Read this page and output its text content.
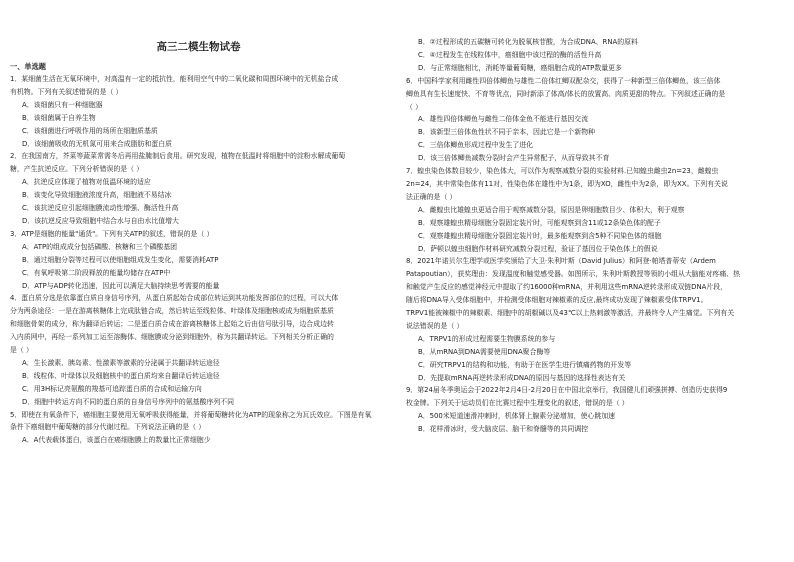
高三二模生物试卷
一、单选题
1．某细菌生活在无氧环境中，对高温有一定的抵抗性，能利用空气中的二氧化碳和周围环境中的无机盐合成
有机物。下列有关叙述错误的是（ ）
A．该细菌只有一种细胞器
B．该细菌属于自养生物
C．该细菌进行呼吸作用的场所在细胞质基质
D．该细菌吸收的无机氮可用来合成脂肪和蛋白质
2．在我国南方，芥菜等蔬菜常需冬后再用盐腌制后食用。研究发现，植物在低温时将细胞中的淀粉水解成葡萄
糖，产生抗逆反应。下列分析错误的是（ ）
A．抗逆反应体现了植物对低温环境的适应
B．该变化导致细胞液浓度升高，细胞液不易结冰
C．该抗逆反应引起细胞膜流动性增强、酶活性升高
D．该抗逆反应导致细胞中结合水与自由水比值增大
3．ATP是细胞的能量"通货"。下列有关ATP的叙述，错误的是（ ）
A．ATP的组成成分包括磷酸、核糖和三个磷酸基团
B．通过细胞分裂等过程可以使细胞组成发生变化，需要消耗ATP
C．有氧呼吸第二阶段释放的能量均储存在ATP中
D．ATP与ADP转化迅速，因此可以满足大脑持续思考需要的能量
4．蛋白质分选是依靠蛋白质自身信号序列，从蛋白质起始合成部位转运到其功能发挥部位的过程，可以大体
分为两条途径：一是在游离核糖体上完成肽链合成，然后转运至线粒体、叶绿体及细胞核或成为细胞质基质
和细胞骨架的成分，称为翻译后转运；二是蛋白质合成在游离核糖体上起始之后由信号肽引导，边合成边转
入内质网中，再经一系列加工运至溶酶体、细胞膜或分泌到细胞外，称为共翻译转运。下列相关分析正确的
是（ ）
A．生长激素、胰岛素、性激素等激素的分泌属于共翻译转运途径
B．线粒体、叶绿体以及细胞核中的蛋白质均来自翻译后转运途径
C．用3H标记亮氨酸的羧基可追踪蛋白质的合成和运输方向
D．细胞中转运方向不同的蛋白质的自身信号序列中的氨基酸序列不同
5．即使在有氧条件下，癌细胞主要使用无氧呼吸获得能量，并将葡萄糖转化为ATP的现象称之为瓦氏效应。下图是有氧
条件下癌细胞中葡萄糖的部分代谢过程。下列说法正确的是（ ）
A．A代表载体蛋白，该蛋白在癌细胞膜上的数量比正常细胞少
B．②过程形成的五碳糖可转化为脱氧核苷酸，为合成DNA、RNA的原料
C．④过程发生在线粒体中，癌细胞中该过程的酶的活性升高
D．与正常细胞相比，消耗等量葡萄糖，癌细胞合成的ATP数量更多
6．中国科学家利用雌性四倍体鲫鱼与雄性二倍体红鲫双配杂交，获得了一种新型三倍体鲫鱼，该三倍体
鲫鱼具有生长速度快、不育等优点，同时新添了体高/体长的放置高、肉质更甜的特点。下列叙述正确的是
（ ）
A．雄性四倍体鲫鱼与雌性二倍体金鱼不能进行基因交流
B．该新型三倍体鱼性状不同于亲本，因此它是一个新物种
C．三倍体鲫鱼形成过程中发生了进化
D．该三倍体鲫鱼减数分裂时会产生异常配子，从而导致其不育
7．蝗虫染色体数目较少，染色体大，可以作为观察减数分裂的实验材料.已知蝗虫雌虫2n=23，雌蝗虫
2n=24，其中常染色体有11对，性染色体在雄性中为1条，即为XO，雌性中为2条，即为XX。下列有关说
法正确的是（ ）
A．雌蝗虫比雄蝗虫更适合用于观察减数分裂，原因是卵细胞数目少、体积大，利于观察
B．观察雄蝗虫精母细胞分裂固定装片时，可能观察到含11或12条染色体的配子
C．观察雄蝗虫精母细胞分裂固定装片时，最多能观察到含5种不同染色体的细胞
D．萨顿以蝗虫细胞作材料研究减数分裂过程，验证了基因位于染色体上的假说
8．2021年诺贝尔生理学或医学奖颁给了大卫·朱利叶斯（David Julius）和阿登·帕塔普蒂安（Ardem
Patapoutian），获奖理由：发现温度和触觉感受器。如图所示，朱利叶斯教授等领的小组从大脑能对疼痛、热
和触觉产生反应的感觉神经元中提取了约16000种mRNA，并利用这些mRNA逆转录形成双链DNA片段，
随后将DNA导入受体细胞中，并检测受体细胞对辣椒素的反应,最终成功发现了辣椒素受体TRPV1。
TRPV1能被辣椒中的辣椒素、细胞中的胡椒碱以及43℃以上热刺激等激活，并最终令人产生痛觉。下列有关
说法错误的是（ ）
A．TRPV1的形成过程需要生物膜系统的参与
B．从mRNA到DNA需要使用DNA聚合酶等
C．研究TRPV1的结构和功能，有助于在医学生进行镇痛药物的开发等
D．先提取mRNA再逆转录形成DNA的原因与基因的选择性表达有关
9．第24届冬季奥运会于2022年2月4日-2月20日在中国北京举行，我国健儿们顽强拼搏、创造历史获得9
枚金牌。下列关于运动员们在比赛过程中生理变化的叙述，错误的是（ ）
A．500米短道速滑冲刺时，机体肾上腺素分泌增加，使心跳加速
B．花样滑冰时，受大脑皮层、脑干和脊髓等的共同调控
